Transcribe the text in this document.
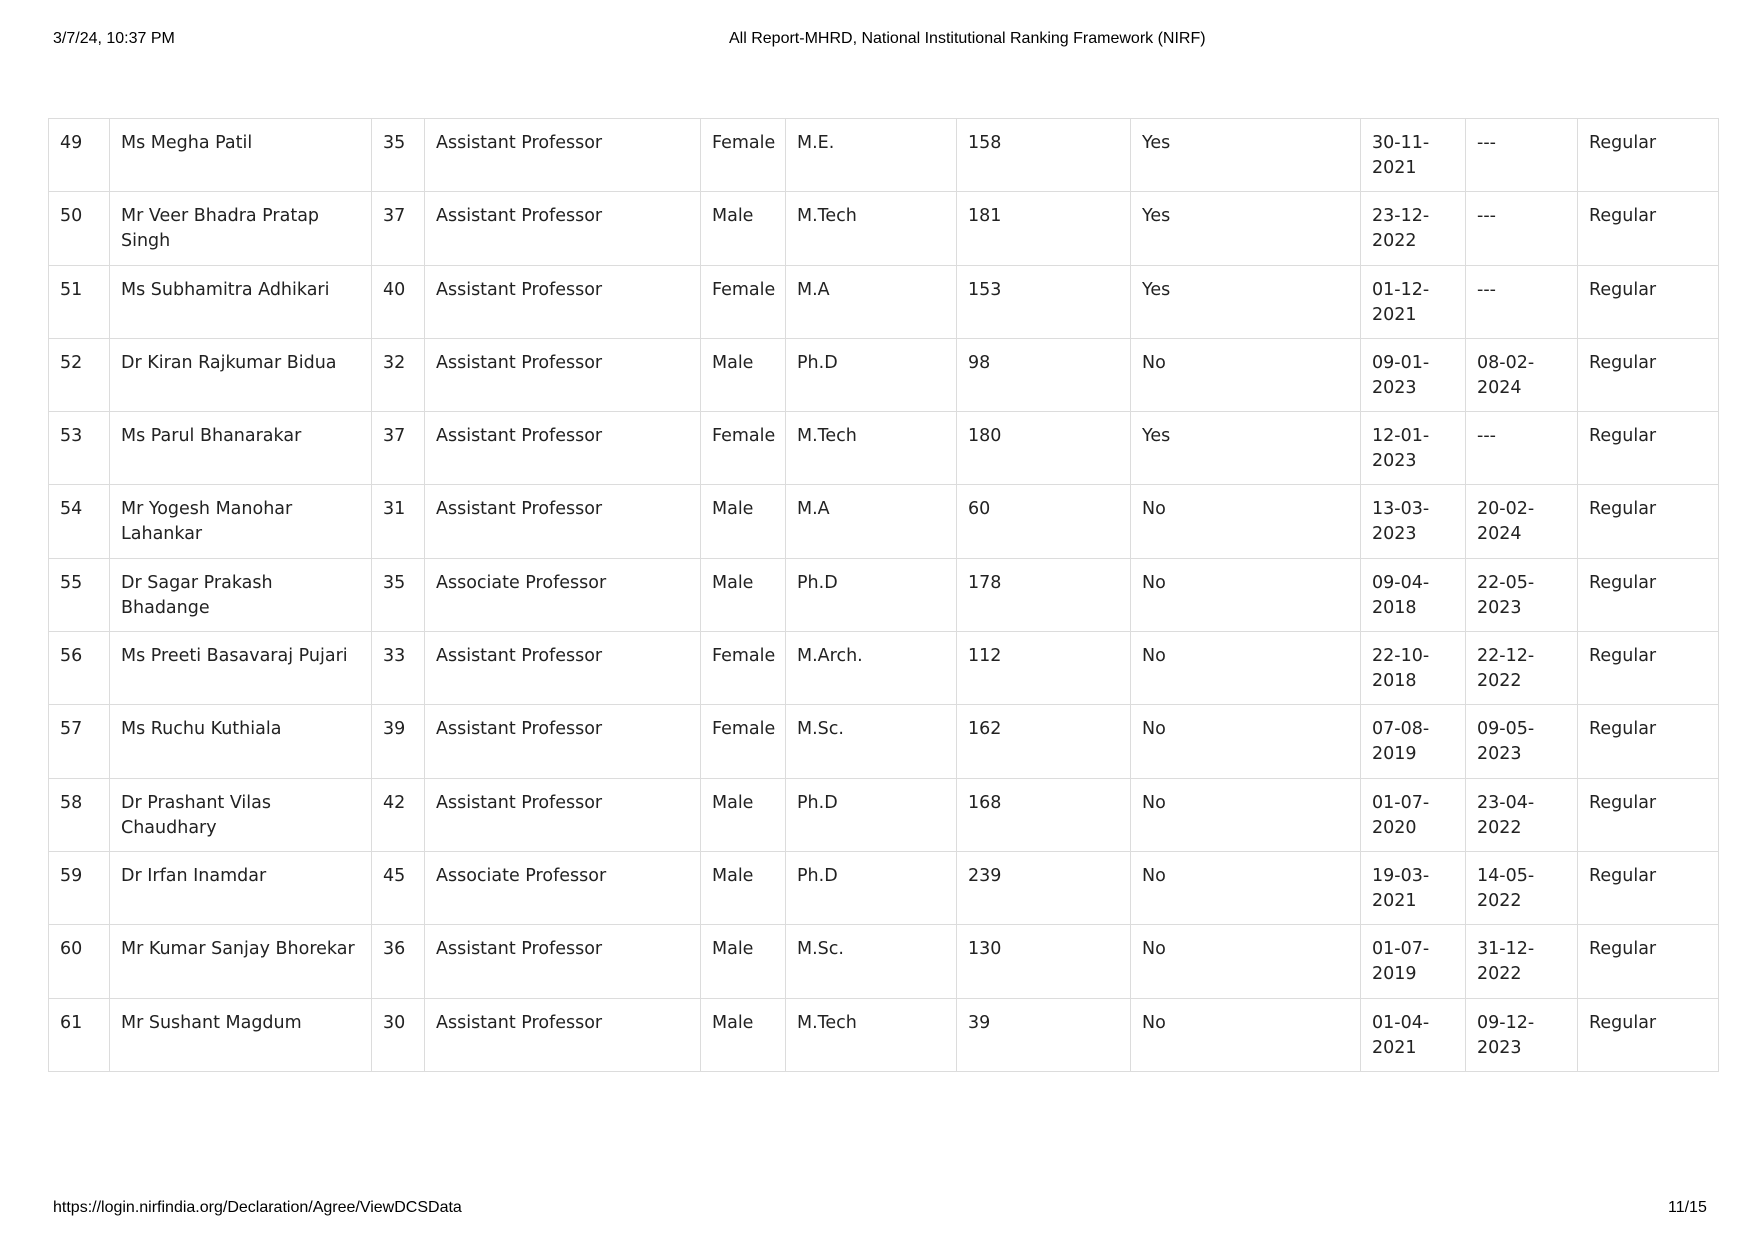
3/7/24, 10:37 PM	All Report-MHRD, National Institutional Ranking Framework (NIRF)
49	Ms Megha Patil	35	Assistant Professor	Female	M.E.	158	Yes	30-11-2021	---	Regular
50	Mr Veer Bhadra Pratap Singh	37	Assistant Professor	Male	M.Tech	181	Yes	23-12-2022	---	Regular
51	Ms Subhamitra Adhikari	40	Assistant Professor	Female	M.A	153	Yes	01-12-2021	---	Regular
52	Dr Kiran Rajkumar Bidua	32	Assistant Professor	Male	Ph.D	98	No	09-01-2023	08-02-2024	Regular
53	Ms Parul Bhanarakar	37	Assistant Professor	Female	M.Tech	180	Yes	12-01-2023	---	Regular
54	Mr Yogesh Manohar Lahankar	31	Assistant Professor	Male	M.A	60	No	13-03-2023	20-02-2024	Regular
55	Dr Sagar Prakash Bhadange	35	Associate Professor	Male	Ph.D	178	No	09-04-2018	22-05-2023	Regular
56	Ms Preeti Basavaraj Pujari	33	Assistant Professor	Female	M.Arch.	112	No	22-10-2018	22-12-2022	Regular
57	Ms Ruchu Kuthiala	39	Assistant Professor	Female	M.Sc.	162	No	07-08-2019	09-05-2023	Regular
58	Dr Prashant Vilas Chaudhary	42	Assistant Professor	Male	Ph.D	168	No	01-07-2020	23-04-2022	Regular
59	Dr Irfan Inamdar	45	Associate Professor	Male	Ph.D	239	No	19-03-2021	14-05-2022	Regular
60	Mr Kumar Sanjay Bhorekar	36	Assistant Professor	Male	M.Sc.	130	No	01-07-2019	31-12-2022	Regular
61	Mr Sushant Magdum	30	Assistant Professor	Male	M.Tech	39	No	01-04-2021	09-12-2023	Regular
https://login.nirfindia.org/Declaration/Agree/ViewDCSData	11/15
